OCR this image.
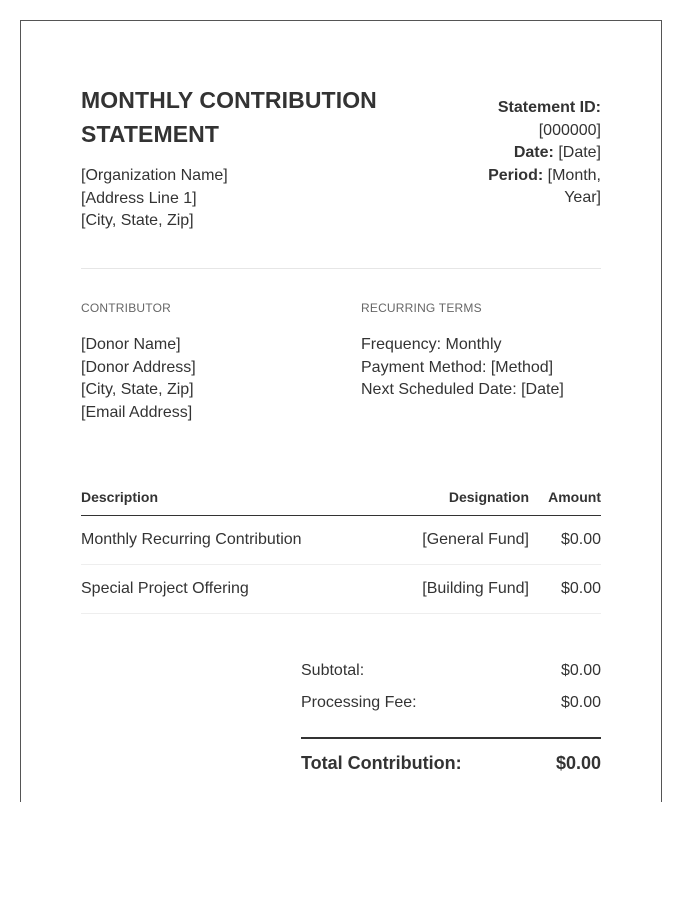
MONTHLY CONTRIBUTION STATEMENT
[Organization Name]
[Address Line 1]
[City, State, Zip]
Statement ID:
[000000]
Date: [Date]
Period: [Month,
Year]
CONTRIBUTOR
[Donor Name]
[Donor Address]
[City, State, Zip]
[Email Address]
RECURRING TERMS
Frequency: Monthly
Payment Method: [Method]
Next Scheduled Date: [Date]
Description	Designation Amount
Monthly Recurring Contribution	[General Fund] $0.00
Special Project Offering	[Building Fund] $0.00
Subtotal:	$0.00
Processing Fee:	$0.00
Total Contribution:	$0.00
